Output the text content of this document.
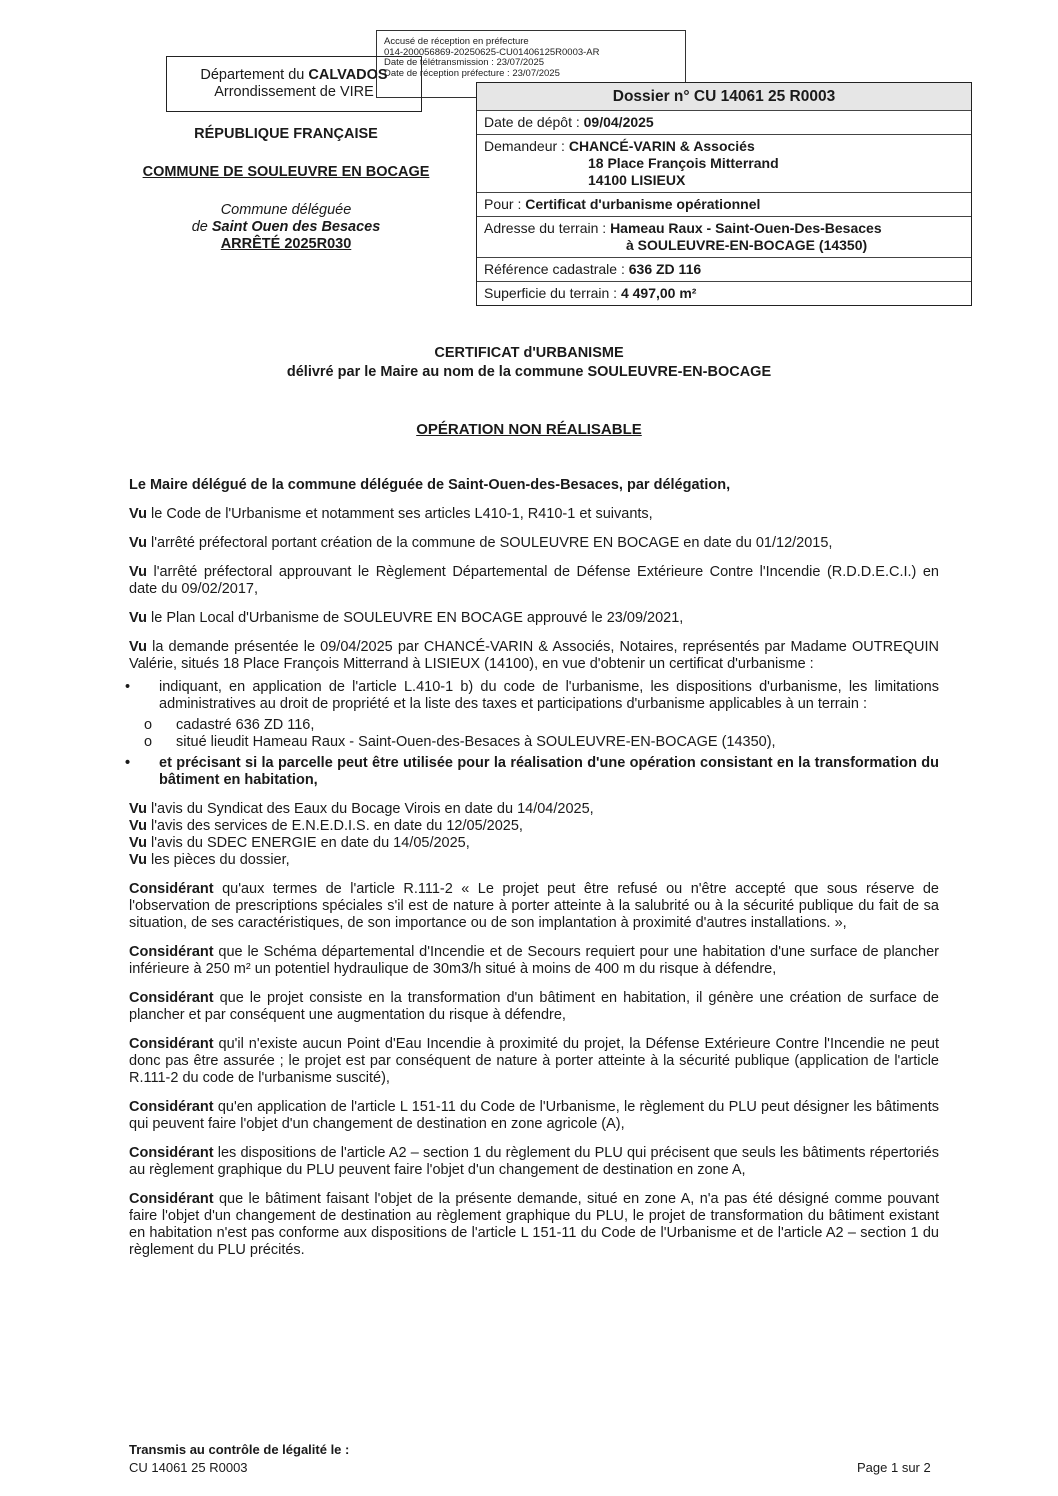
Accusé de réception en préfecture
014-200056869-20250625-CU01406125R0003-AR
Date de télétransmission : 23/07/2025
Date de réception préfecture : 23/07/2025
Département du CALVADOS
Arrondissement de VIRE
RÉPUBLIQUE FRANÇAISE
COMMUNE DE SOULEUVRE EN BOCAGE
Commune déléguée
de Saint Ouen des Besaces
ARRÊTÉ 2025R030
Dossier n° CU 14061 25 R0003
Date de dépôt : 09/04/2025
Demandeur : CHANCÉ-VARIN & Associés
18 Place François Mitterrand
14100 LISIEUX
Pour : Certificat d'urbanisme opérationnel
Adresse du terrain : Hameau Raux - Saint-Ouen-Des-Besaces
à SOULEUVRE-EN-BOCAGE (14350)
Référence cadastrale : 636 ZD 116
Superficie du terrain : 4 497,00 m²
CERTIFICAT d'URBANISME
délivré par le Maire au nom de la commune SOULEUVRE-EN-BOCAGE
OPÉRATION NON RÉALISABLE

Le Maire délégué de la commune déléguée de Saint-Ouen-des-Besaces, par délégation,

Vu le Code de l'Urbanisme et notamment ses articles L410-1, R410-1 et suivants,

Vu l'arrêté préfectoral portant création de la commune de SOULEUVRE EN BOCAGE en date du 01/12/2015,

Vu l'arrêté préfectoral approuvant le Règlement Départemental de Défense Extérieure Contre l'Incendie (R.D.D.E.C.I.) en date du 09/02/2017,

Vu le Plan Local d'Urbanisme de SOULEUVRE EN BOCAGE approuvé le 23/09/2021,

Vu la demande présentée le 09/04/2025 par CHANCÉ-VARIN & Associés, Notaires, représentés par Madame OUTREQUIN Valérie, situés 18 Place François Mitterrand à LISIEUX (14100), en vue d'obtenir un certificat d'urbanisme :

• indiquant, en application de l'article L.410-1 b) du code de l'urbanisme, les dispositions d'urbanisme, les limitations administratives au droit de propriété et la liste des taxes et participations d'urbanisme applicables à un terrain :
o cadastré 636 ZD 116,
o situé lieudit Hameau Raux - Saint-Ouen-des-Besaces à SOULEUVRE-EN-BOCAGE (14350),
• et précisant si la parcelle peut être utilisée pour la réalisation d'une opération consistant en la transformation du bâtiment en habitation,

Vu l'avis du Syndicat des Eaux du Bocage Virois en date du 14/04/2025,

Vu l'avis des services de E.N.E.D.I.S. en date du 12/05/2025,

Vu l'avis du SDEC ENERGIE en date du 14/05/2025,

Vu les pièces du dossier,

Considérant qu'aux termes de l'article R.111-2 « Le projet peut être refusé ou n'être accepté que sous réserve de l'observation de prescriptions spéciales s'il est de nature à porter atteinte à la salubrité ou à la sécurité publique du fait de sa situation, de ses caractéristiques, de son importance ou de son implantation à proximité d'autres installations. »,

Considérant que le Schéma départemental d'Incendie et de Secours requiert pour une habitation d'une surface de plancher inférieure à 250 m² un potentiel hydraulique de 30m3/h situé à moins de 400 m du risque à défendre,

Considérant que le projet consiste en la transformation d'un bâtiment en habitation, il génère une création de surface de plancher et par conséquent une augmentation du risque à défendre,

Considérant qu'il n'existe aucun Point d'Eau Incendie à proximité du projet, la Défense Extérieure Contre l'Incendie ne peut donc pas être assurée ; le projet est par conséquent de nature à porter atteinte à la sécurité publique (application de l'article R.111-2 du code de l'urbanisme suscité),

Considérant qu'en application de l'article L 151-11 du Code de l'Urbanisme, le règlement du PLU peut désigner les bâtiments qui peuvent faire l'objet d'un changement de destination en zone agricole (A),

Considérant les dispositions de l'article A2 – section 1 du règlement du PLU qui précisent que seuls les bâtiments répertoriés au règlement graphique du PLU peuvent faire l'objet d'un changement de destination en zone A,

Considérant que le bâtiment faisant l'objet de la présente demande, situé en zone A, n'a pas été désigné comme pouvant faire l'objet d'un changement de destination au règlement graphique du PLU, le projet de transformation du bâtiment existant en habitation n'est pas conforme aux dispositions de l'article L 151-11 du Code de l'Urbanisme et de l'article A2 – section 1 du règlement du PLU précités.

Transmis au contrôle de légalité le :
CU 14061 25 R0003	Page 1 sur 2
